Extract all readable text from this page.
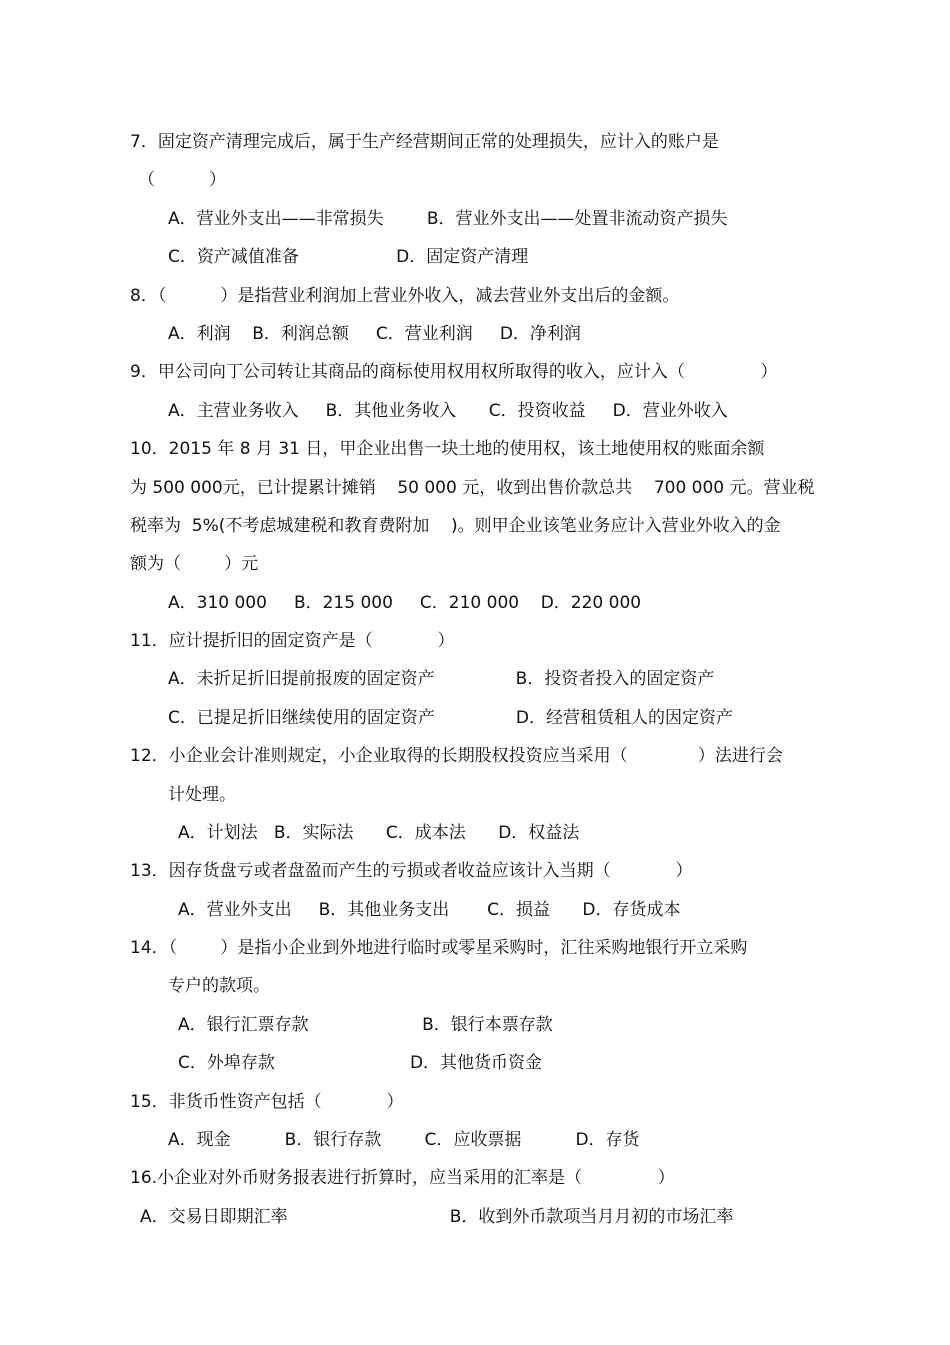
7．固定资产清理完成后，属于生产经营期间正常的处理损失，应计入的账户是
（          ）
A．营业外支出——非常损失        B．营业外支出——处置非流动资产损失
C．资产减值准备                  D．固定资产清理
8．（          ）是指营业利润加上营业外收入，减去营业外支出后的金额。
A．利润    B．利润总额     C．营业利润     D．净利润
9．甲公司向丁公司转让其商品的商标使用权用权所取得的收入，应计入（              ）
A．主营业务收入     B．其他业务收入      C．投资收益     D．营业外收入
10．2015 年 8 月 31 日，甲企业出售一块土地的使用权，该土地使用权的账面余额
为 500 000元，已计提累计摊销    50 000 元，收到出售价款总共    700 000 元。营业税
税率为  5%(不考虑城建税和教育费附加    )。则甲企业该笔业务应计入营业外收入的金
额为（        ）元
A．310 000     B．215 000     C．210 000    D．220 000
11．应计提折旧的固定资产是（            ）
A．未折足折旧提前报废的固定资产               B．投资者投入的固定资产
C．已提足折旧继续使用的固定资产               D．经营租赁租人的因定资产
12．小企业会计准则规定，小企业取得的长期股权投资应当采用（             ）法进行会
计处理。
A．计划法   B．实际法      C．成本法      D．权益法
13．因存货盘亏或者盘盈而产生的亏损或者收益应该计入当期（            ）
A．营业外支出     B．其他业务支出       C．损益      D．存货成本
14．（        ）是指小企业到外地进行临时或零星采购时，汇往采购地银行开立采购
专户的款项。
A．银行汇票存款                     B．银行本票存款
C．外埠存款                         D．其他货币资金
15．非货币性资产包括（            ）
A．现金          B．银行存款        C．应收票据          D．存货
16.小企业对外币财务报表进行折算时，应当采用的汇率是（              ）
A．交易日即期汇率                              B．收到外币款项当月月初的市场汇率
